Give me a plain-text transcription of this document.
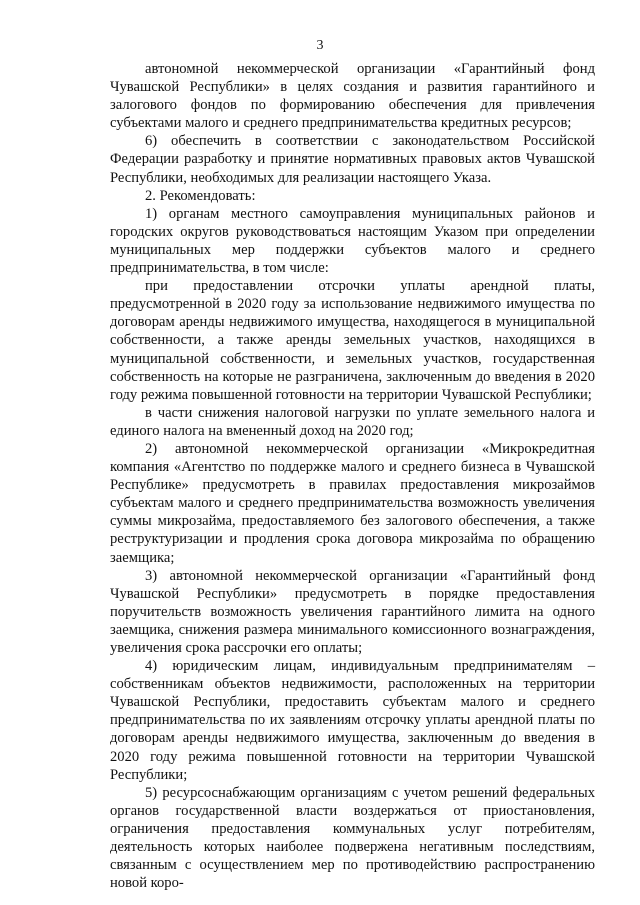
3

автономной некоммерческой организации «Гарантийный фонд Чувашской Республики» в целях создания и развития гарантийного и залогового фондов по формированию обеспечения для привлечения субъектами малого и среднего предпринимательства кредитных ресурсов;

6) обеспечить в соответствии с законодательством Российской Федерации разработку и принятие нормативных правовых актов Чувашской Республики, необходимых для реализации настоящего Указа.

2. Рекомендовать:

1) органам местного самоуправления муниципальных районов и городских округов руководствоваться настоящим Указом при определении муниципальных мер поддержки субъектов малого и среднего предпринимательства, в том числе:

при предоставлении отсрочки уплаты арендной платы, предусмотренной в 2020 году за использование недвижимого имущества по договорам аренды недвижимого имущества, находящегося в муниципальной собственности, а также аренды земельных участков, находящихся в муниципальной собственности, и земельных участков, государственная собственность на которые не разграничена, заключенным до введения в 2020 году режима повышенной готовности на территории Чувашской Республики;

в части снижения налоговой нагрузки по уплате земельного налога и единого налога на вмененный доход на 2020 год;

2) автономной некоммерческой организации «Микрокредитная компания «Агентство по поддержке малого и среднего бизнеса в Чувашской Республике» предусмотреть в правилах предоставления микрозаймов субъектам малого и среднего предпринимательства возможность увеличения суммы микрозайма, предоставляемого без залогового обеспечения, а также реструктуризации и продления срока договора микрозайма по обращению заемщика;

3) автономной некоммерческой организации «Гарантийный фонд Чувашской Республики» предусмотреть в порядке предоставления поручительств возможность увеличения гарантийного лимита на одного заемщика, снижения размера минимального комиссионного вознаграждения, увеличения срока рассрочки его оплаты;

4) юридическим лицам, индивидуальным предпринимателям – собственникам объектов недвижимости, расположенных на территории Чувашской Республики, предоставить субъектам малого и среднего предпринимательства по их заявлениям отсрочку уплаты арендной платы по договорам аренды недвижимого имущества, заключенным до введения в 2020 году режима повышенной готовности на территории Чувашской Республики;

5) ресурсоснабжающим организациям с учетом решений федеральных органов государственной власти воздержаться от приостановления, ограничения предоставления коммунальных услуг потребителям, деятельность которых наиболее подвержена негативным последствиям, связанным с осуществлением мер по противодействию распространению новой коро-
